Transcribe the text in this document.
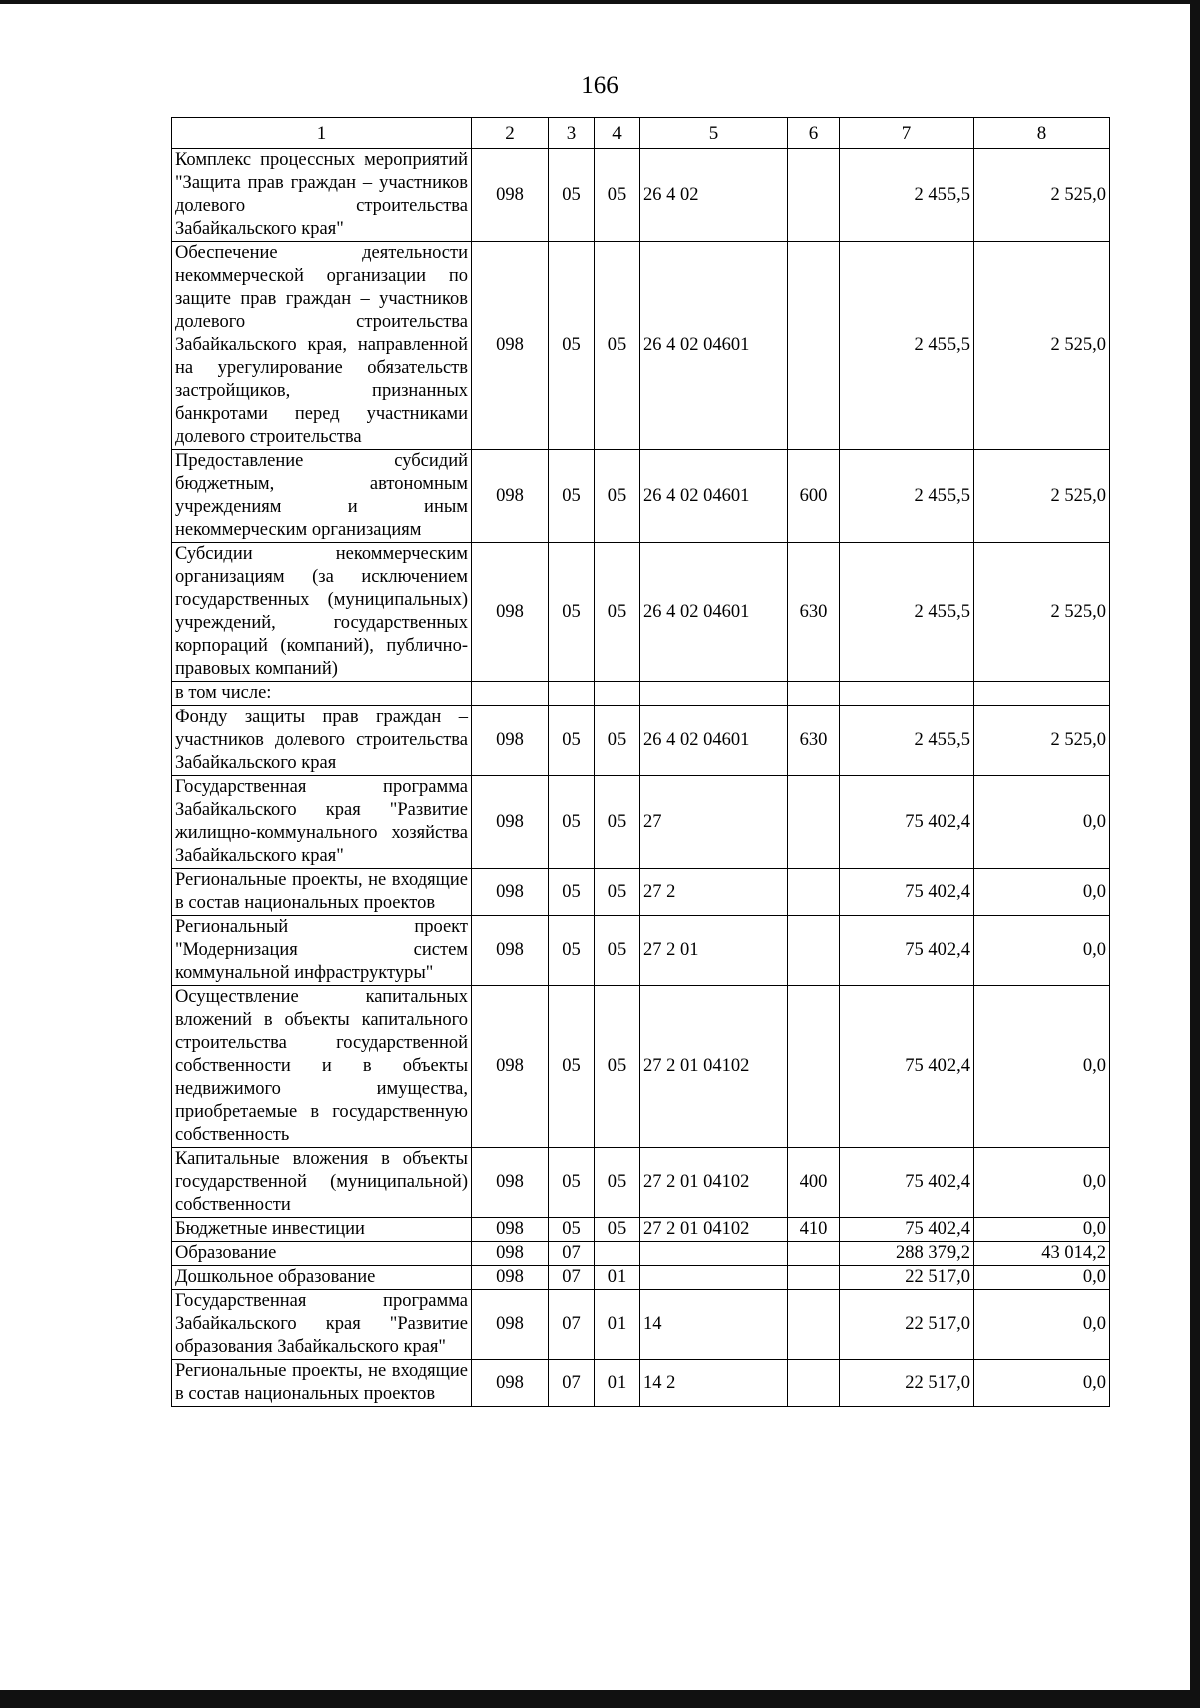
166
1	2	3	4	5	6	7	8
Комплекс процессных мероприятий "Защита прав граждан – участников долевого строительства Забайкальского края"	098	05	05	26 4 02		2 455,5	2 525,0
Обеспечение деятельности некоммерческой организации по защите прав граждан – участников долевого строительства Забайкальского края, направленной на урегулирование обязательств застройщиков, признанных банкротами перед участниками долевого строительства	098	05	05	26 4 02 04601		2 455,5	2 525,0
Предоставление субсидий бюджетным, автономным учреждениям и иным некоммерческим организациям	098	05	05	26 4 02 04601	600	2 455,5	2 525,0
Субсидии некоммерческим организациям (за исключением государственных (муниципальных) учреждений, государственных корпораций (компаний), публично-правовых компаний)	098	05	05	26 4 02 04601	630	2 455,5	2 525,0
в том числе:							
Фонду защиты прав граждан – участников долевого строительства Забайкальского края	098	05	05	26 4 02 04601	630	2 455,5	2 525,0
Государственная программа Забайкальского края "Развитие жилищно-коммунального хозяйства Забайкальского края"	098	05	05	27		75 402,4	0,0
Региональные проекты, не входящие в состав национальных проектов	098	05	05	27 2		75 402,4	0,0
Региональный проект "Модернизация систем коммунальной инфраструктуры"	098	05	05	27 2 01		75 402,4	0,0
Осуществление капитальных вложений в объекты капитального строительства государственной собственности и в объекты недвижимого имущества, приобретаемые в государственную собственность	098	05	05	27 2 01 04102		75 402,4	0,0
Капитальные вложения в объекты государственной (муниципальной) собственности	098	05	05	27 2 01 04102	400	75 402,4	0,0
Бюджетные инвестиции	098	05	05	27 2 01 04102	410	75 402,4	0,0
Образование	098	07				288 379,2	43 014,2
Дошкольное образование	098	07	01			22 517,0	0,0
Государственная программа Забайкальского края "Развитие образования Забайкальского края"	098	07	01	14		22 517,0	0,0
Региональные проекты, не входящие в состав национальных проектов	098	07	01	14 2		22 517,0	0,0
